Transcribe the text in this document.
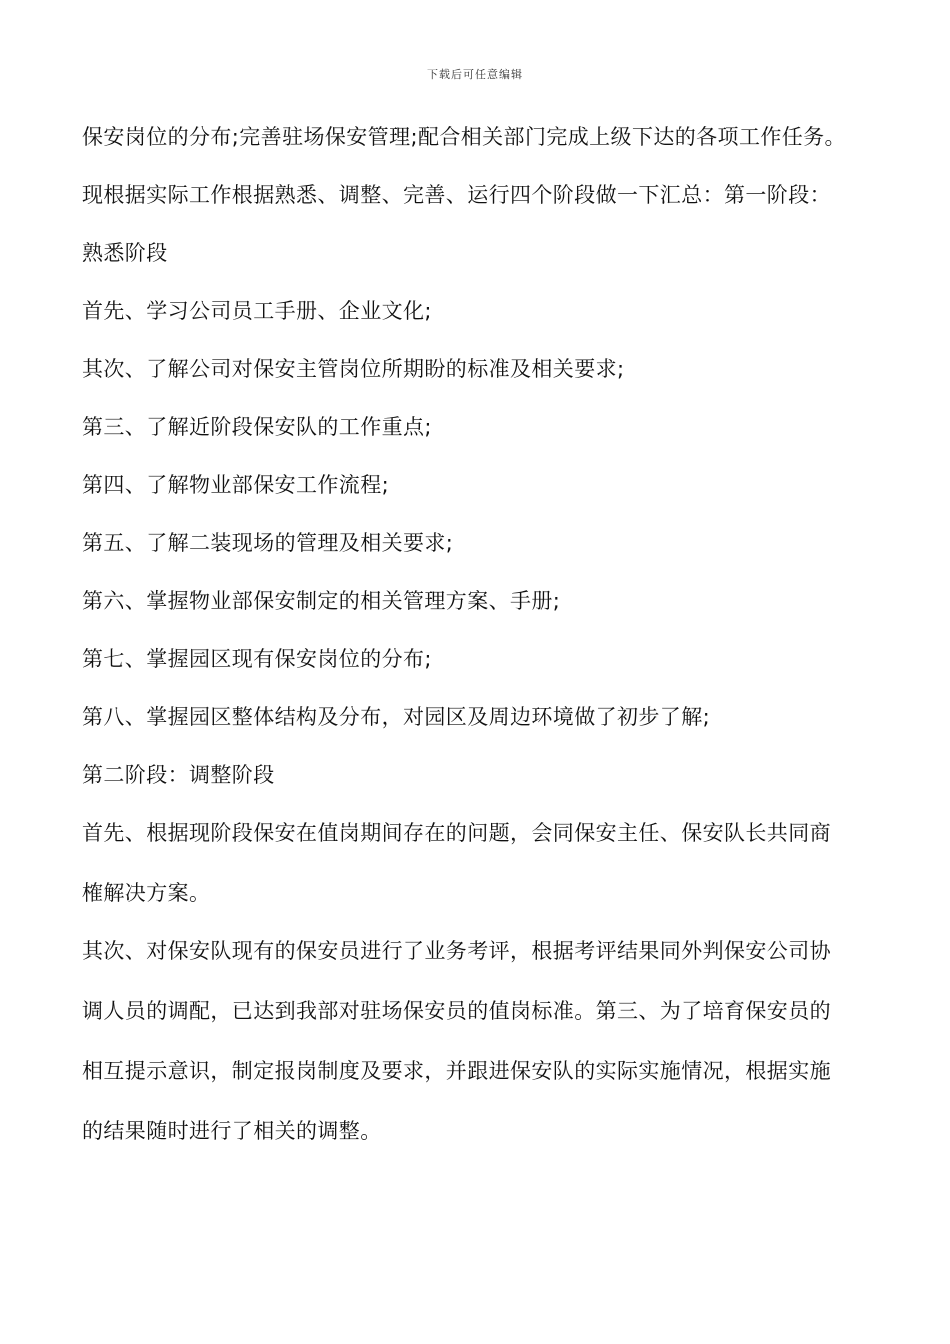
下载后可任意编辑
保安岗位的分布;完善驻场保安管理;配合相关部门完成上级下达的各项工作任务。
现根据实际工作根据熟悉、调整、完善、运行四个阶段做一下汇总：第一阶段：
熟悉阶段
首先、学习公司员工手册、企业文化;
其次、了解公司对保安主管岗位所期盼的标准及相关要求;
第三、了解近阶段保安队的工作重点;
第四、了解物业部保安工作流程;
第五、了解二装现场的管理及相关要求;
第六、掌握物业部保安制定的相关管理方案、手册;
第七、掌握园区现有保安岗位的分布;
第八、掌握园区整体结构及分布，对园区及周边环境做了初步了解;
第二阶段：调整阶段
首先、根据现阶段保安在值岗期间存在的问题，会同保安主任、保安队长共同商
榷解决方案。
其次、对保安队现有的保安员进行了业务考评，根据考评结果同外判保安公司协
调人员的调配，已达到我部对驻场保安员的值岗标准。第三、为了培育保安员的
相互提示意识，制定报岗制度及要求，并跟进保安队的实际实施情况，根据实施
的结果随时进行了相关的调整。
